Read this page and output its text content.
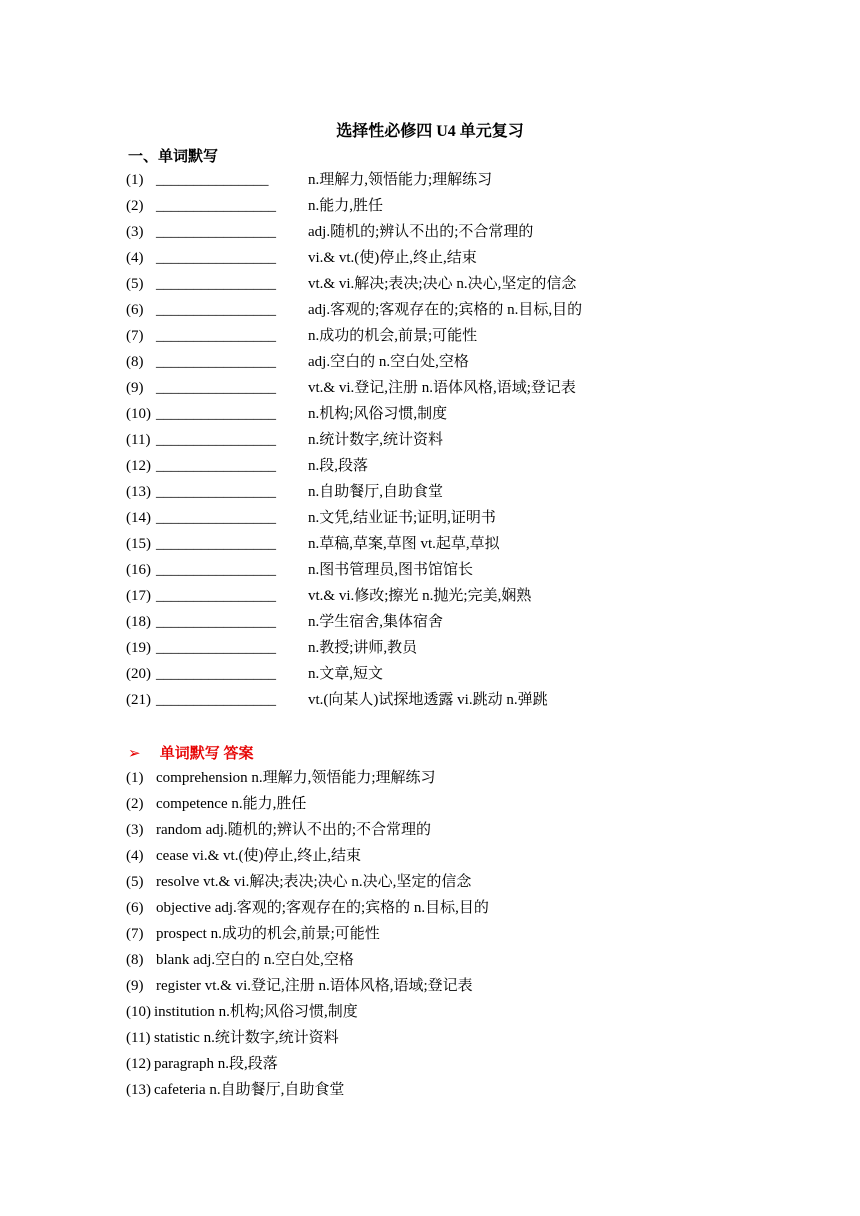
选择性必修四 U4 单元复习
一、单词默写
(1) _______________	n.理解力,领悟能力;理解练习
(2) ________________ n.能力,胜任
(3) ________________ adj.随机的;辨认不出的;不合常理的
(4) ________________ vi.& vt.(使)停止,终止,结束
(5) ________________ vt.& vi.解决;表决;决心 n.决心,坚定的信念
(6) ________________ adj.客观的;客观存在的;宾格的 n.目标,目的
(7) ________________ n.成功的机会,前景;可能性
(8) ________________ adj.空白的 n.空白处,空格
(9) ________________ vt.& vi.登记,注册 n.语体风格,语域;登记表
(10) ________________ n.机构;风俗习惯,制度
(11) ________________ n.统计数字,统计资料
(12) ________________ n.段,段落
(13) ________________ n.自助餐厅,自助食堂
(14) ________________ n.文凭,结业证书;证明,证明书
(15) ________________ n.草稿,草案,草图 vt.起草,草拟
(16) ________________ n.图书管理员,图书馆馆长
(17) ________________ vt.& vi.修改;擦光 n.抛光;完美,娴熟
(18) ________________ n.学生宿舍,集体宿舍
(19) ________________ n.教授;讲师,教员
(20) ________________ n.文章,短文
(21) ________________ vt.(向某人)试探地透露 vi.跳动 n.弹跳
➢ 单词默写 答案
(1) comprehension n.理解力,领悟能力;理解练习
(2) competence n.能力,胜任
(3) random adj.随机的;辨认不出的;不合常理的
(4) cease vi.& vt.(使)停止,终止,结束
(5) resolve vt.& vi.解决;表决;决心 n.决心,坚定的信念
(6) objective adj.客观的;客观存在的;宾格的 n.目标,目的
(7) prospect n.成功的机会,前景;可能性
(8) blank adj.空白的 n.空白处,空格
(9) register vt.& vi.登记,注册 n.语体风格,语域;登记表
(10) institution n.机构;风俗习惯,制度
(11) statistic n.统计数字,统计资料
(12) paragraph n.段,段落
(13) cafeteria n.自助餐厅,自助食堂
